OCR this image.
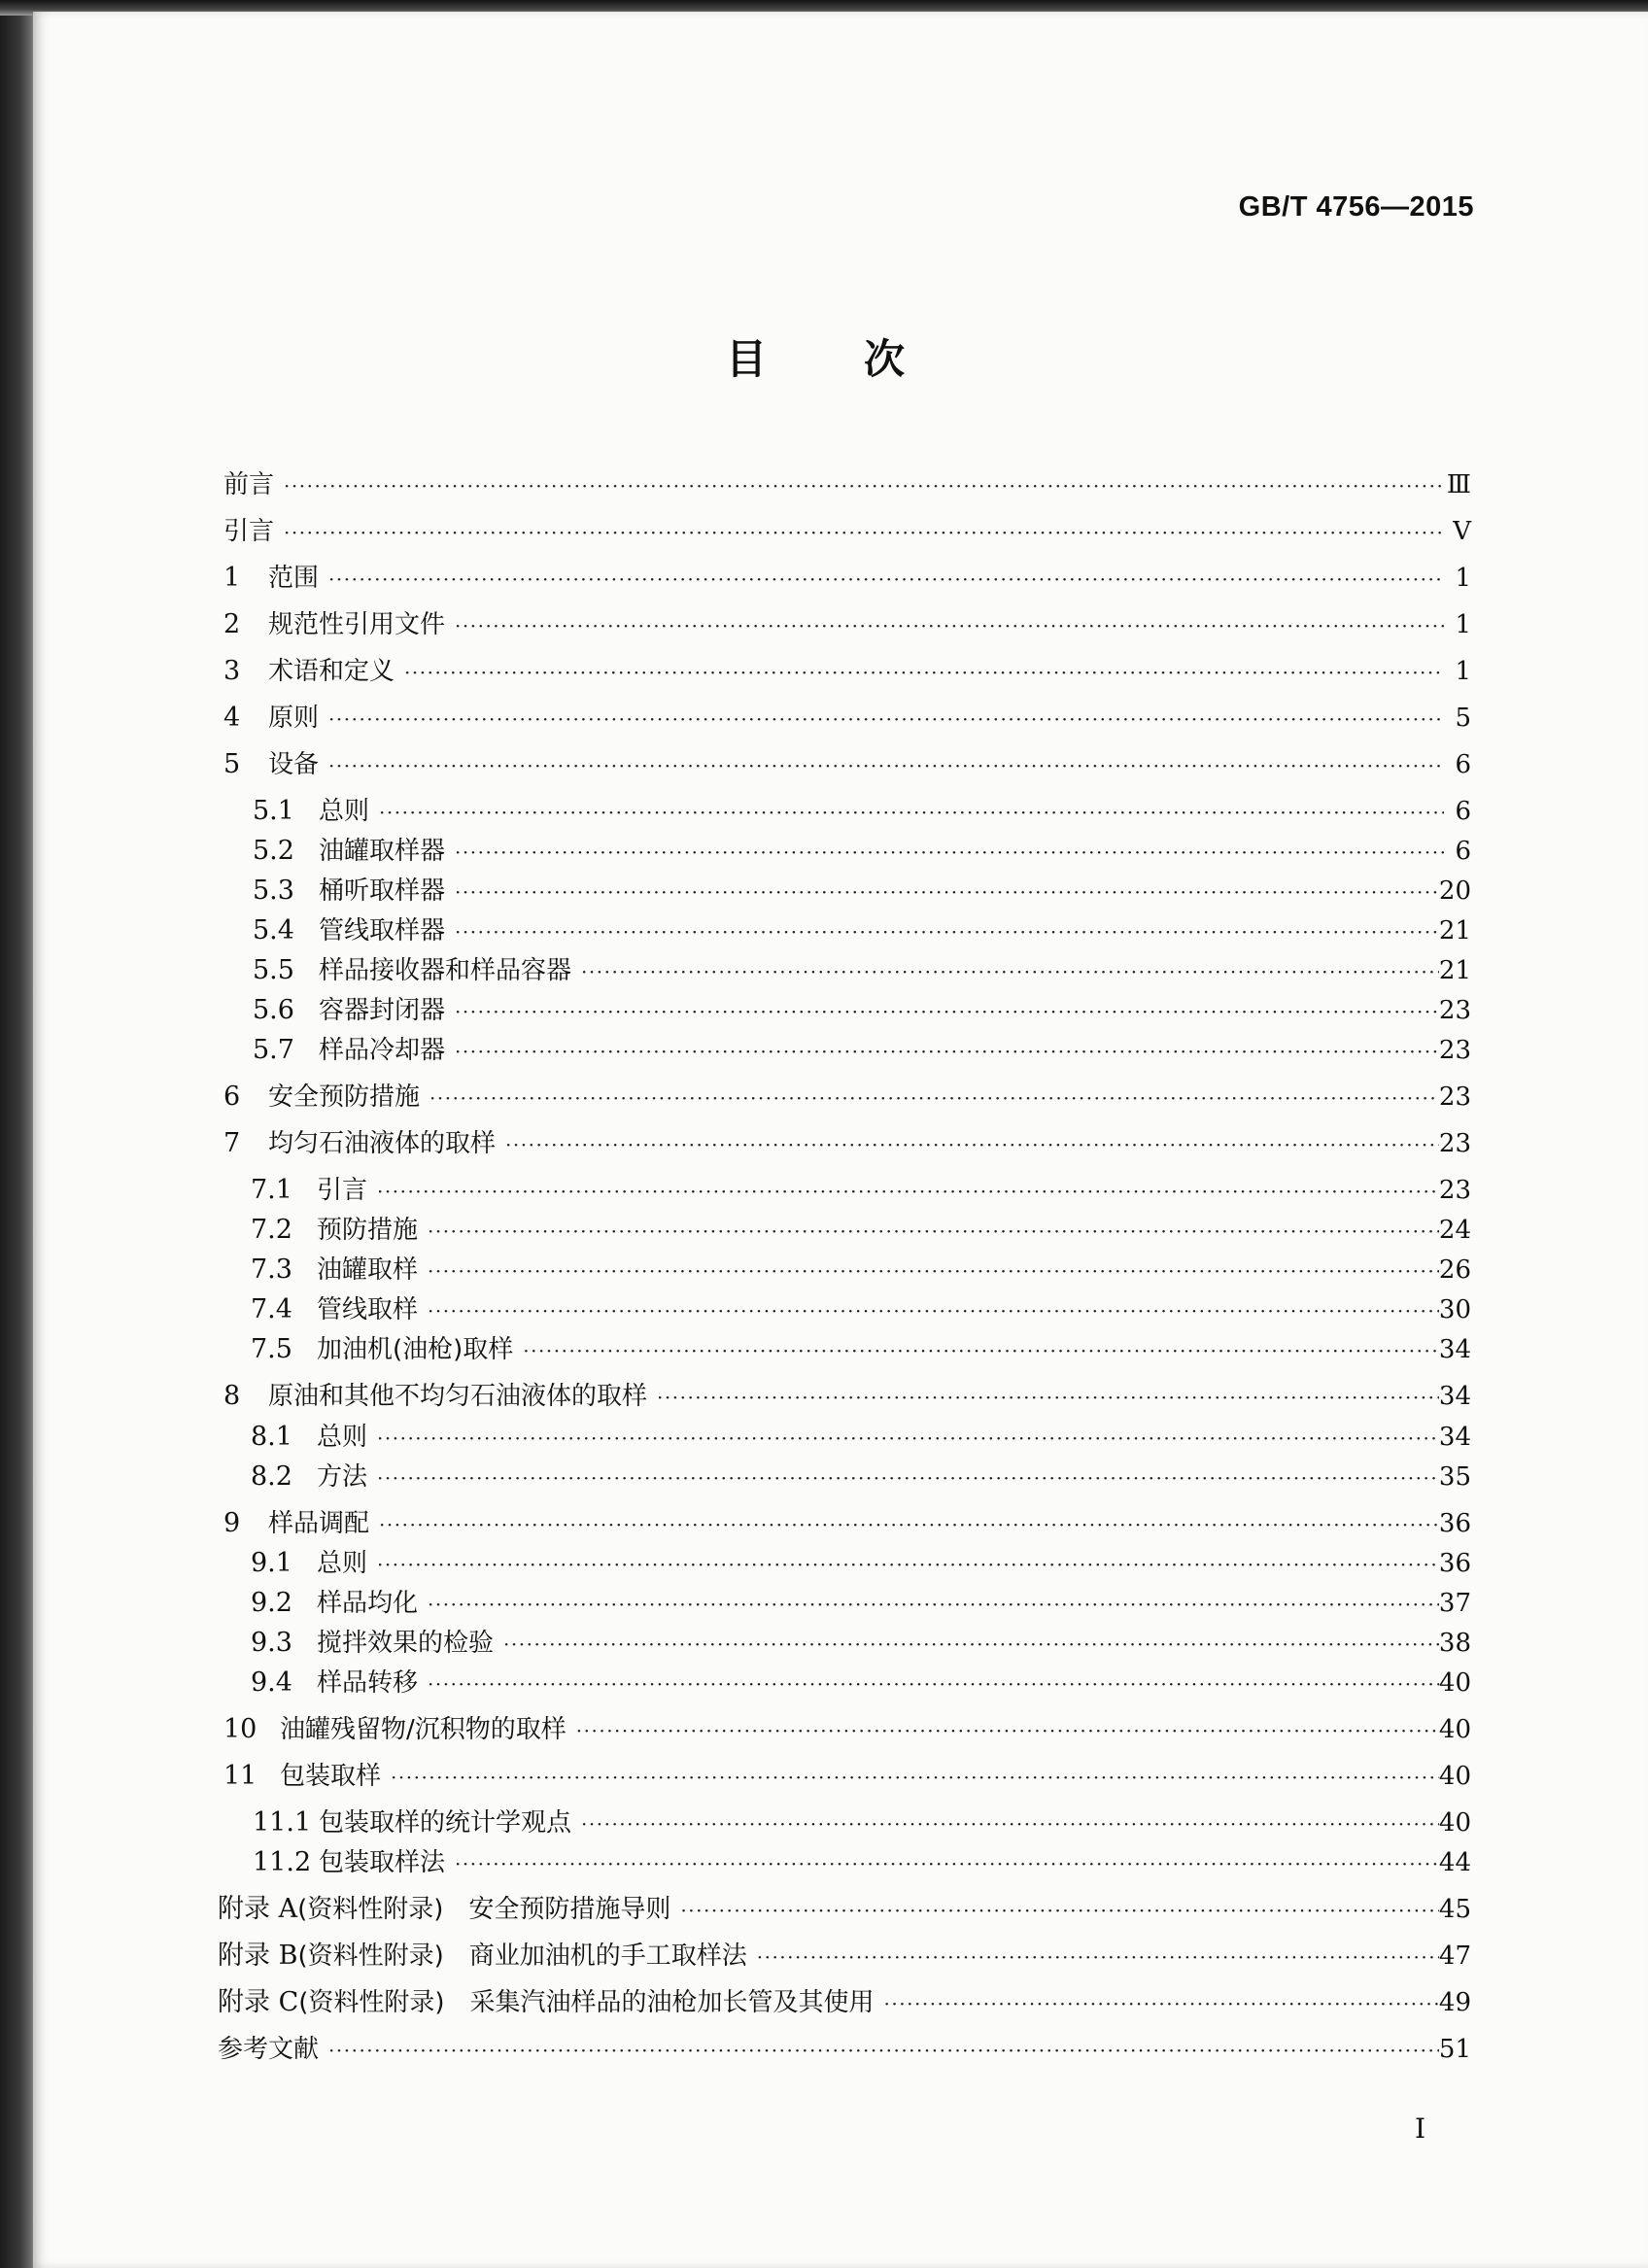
GB/T 4756—2015
目次
前言 ·····	Ⅲ
引言 ·····	Ⅴ
1	范围 ·····	1
2	规范性引用文件 ·····	1
3	术语和定义 ·····	1
4	原则 ·····	5
5	设备 ·····	6
5.1 总则 ·····	6
5.2 油罐取样器 ·····	6
5.3 桶听取样器 ·····	20
5.4 管线取样器 ·····	21
5.5 样品接收器和样品容器 ·····	21
5.6 容器封闭器 ·····	23
5.7 样品冷却器 ·····	23
6	安全预防措施 ·····	23
7	均匀石油液体的取样 ·····	23
7.1 引言 ·····	23
7.2 预防措施 ·····	24
7.3 油罐取样 ·····	26
7.4 管线取样 ·····	30
7.5 加油机(油枪)取样 ·····	34
8	原油和其他不均匀石油液体的取样 ·····	34
8.1 总则 ·····	34
8.2 方法 ·····	35
9	样品调配 ·····	36
9.1 总则 ·····	36
9.2 样品均化 ·····	37
9.3 搅拌效果的检验 ·····	38
9.4 样品转移 ·····	40
10 油罐残留物/沉积物的取样 ·····	40
11 包装取样 ·····	40
11.1 包装取样的统计学观点 ·····	40
11.2 包装取样法 ·····	44
附录 A (资料性附录)　安全预防措施导则 ·····	45
附录 B (资料性附录)　商业加油机的手工取样法 ·····	47
附录 C (资料性附录)　采集汽油样品的油枪加长管及其使用 ·····	49
参考文献 ·····	51
I
